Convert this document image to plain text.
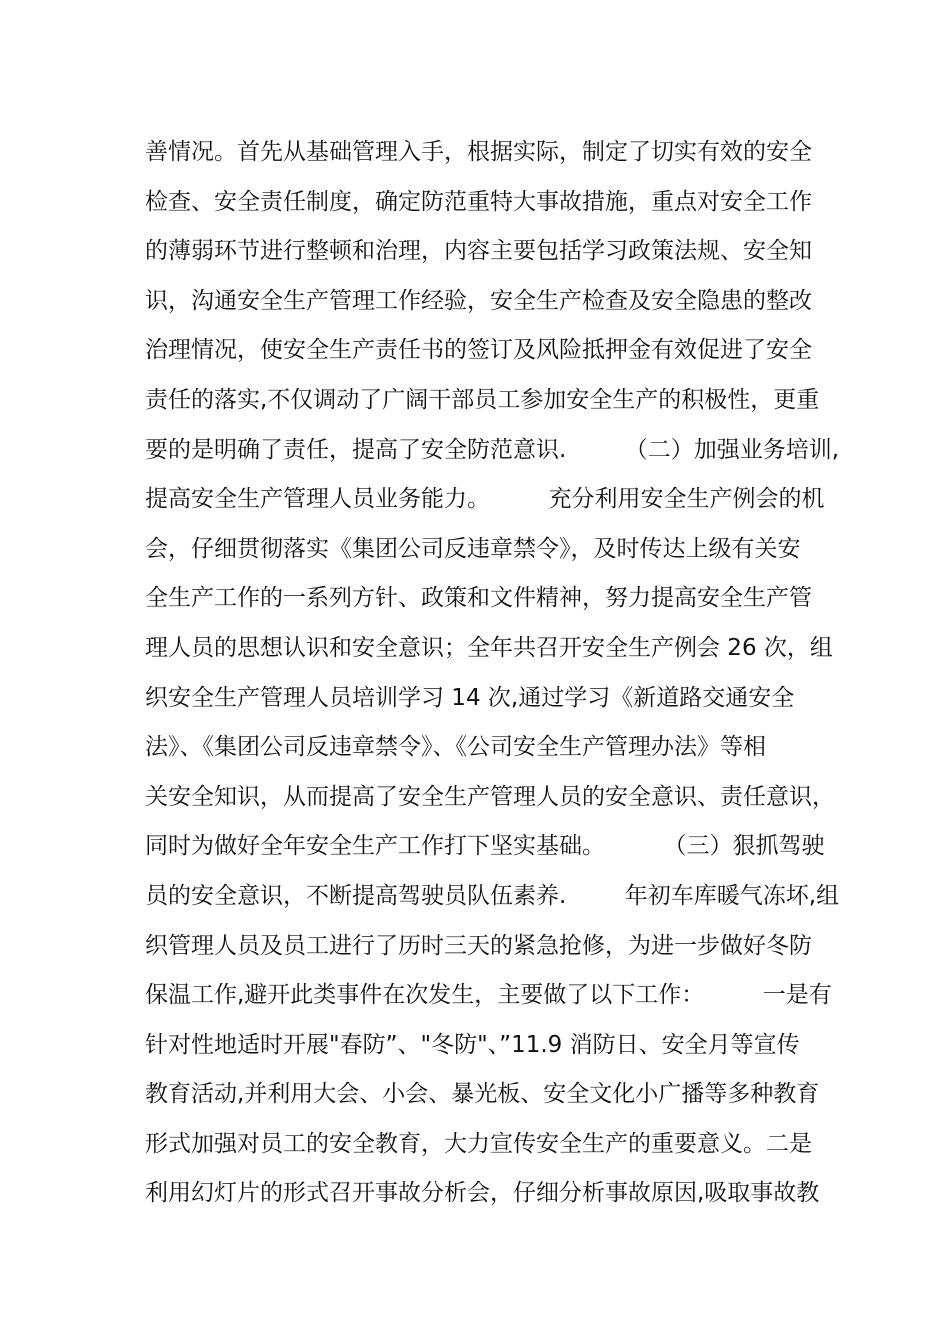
善情况。首先从基础管理入手，根据实际，制定了切实有效的安全
检查、安全责任制度，确定防范重特大事故措施，重点对安全工作
的薄弱环节进行整顿和治理，内容主要包括学习政策法规、安全知
识，沟通安全生产管理工作经验，安全生产检查及安全隐患的整改
治理情况，使安全生产责任书的签订及风险抵押金有效促进了安全
责任的落实,不仅调动了广阔干部员工参加安全生产的积极性，更重
要的是明确了责任，提高了安全防范意识.        （二）加强业务培训,
提高安全生产管理人员业务能力。        充分利用安全生产例会的机
会，仔细贯彻落实《集团公司反违章禁令》，及时传达上级有关安
全生产工作的一系列方针、政策和文件精神，努力提高安全生产管
理人员的思想认识和安全意识；全年共召开安全生产例会 26 次，组
织安全生产管理人员培训学习 14 次,通过学习《新道路交通安全
法》、《集团公司反违章禁令》、《公司安全生产管理办法》等相
关安全知识，从而提高了安全生产管理人员的安全意识、责任意识，
同时为做好全年安全生产工作打下坚实基础。        （三）狠抓驾驶
员的安全意识，不断提高驾驶员队伍素养.        年初车库暖气冻坏,组
织管理人员及员工进行了历时三天的紧急抢修，为进一步做好冬防
保温工作,避开此类事件在次发生，主要做了以下工作：        一是有
针对性地适时开展"春防”、"冬防"、”11.9 消防日、安全月等宣传
教育活动,并利用大会、小会、暴光板、安全文化小广播等多种教育
形式加强对员工的安全教育，大力宣传安全生产的重要意义。二是
利用幻灯片的形式召开事故分析会，仔细分析事故原因,吸取事故教
